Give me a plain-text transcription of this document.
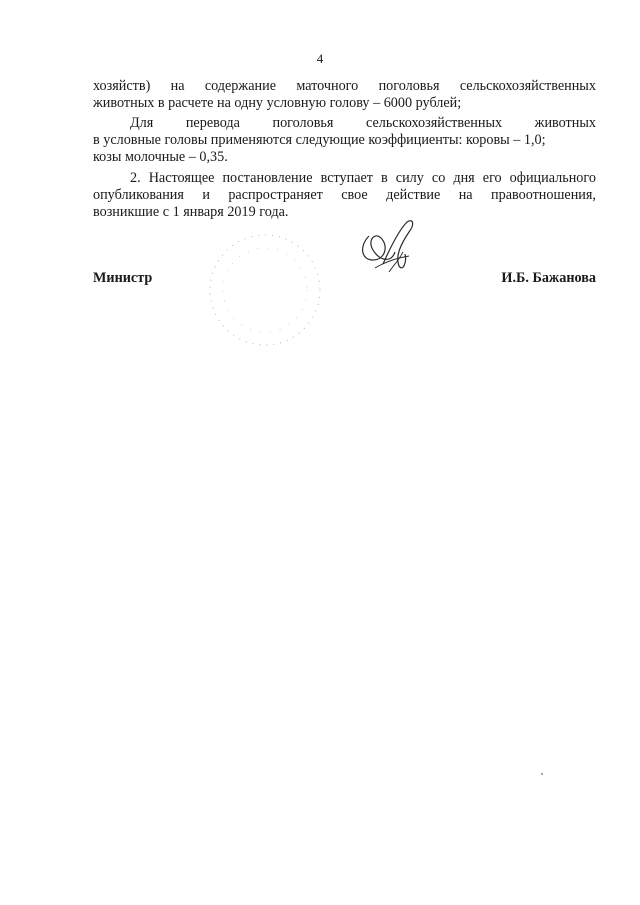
4
хозяйств) на содержание маточного поголовья сельскохозяйственных
животных в расчете на одну условную голову – 6000 рублей;
Для перевода поголовья сельскохозяйственных животных
в условные головы применяются следующие коэффициенты: коровы – 1,0;
козы молочные – 0,35.
2. Настоящее постановление вступает в силу со дня его официального
опубликования и распространяет свое действие на правоотношения,
возникшие с 1 января 2019 года.
Министр	И.Б. Бажанова
